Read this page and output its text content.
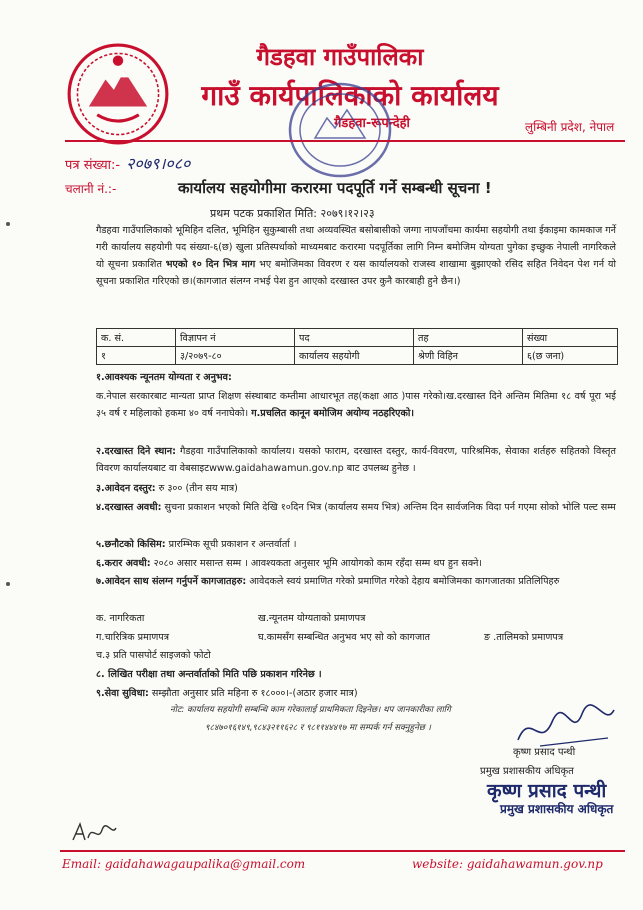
गैडहवा गाउँपालिका
गाउँ कार्यपालिकाको कार्यालय
गैडहवा-रूपन्देही	लुम्बिनी प्रदेश, नेपाल
पत्र संख्या:- २०७९।०८०
चलानी नं.:-	कार्यालय सहयोगीमा करारमा पदपूर्ति गर्ने सम्बन्धी सूचना !
प्रथम पटक प्रकाशित मिति: २०७९।१२।२३
गैडहवा गाउँपालिकाको भूमिहिन दलित, भूमिहिन सुकुम्बासी तथा अव्यवस्थित बसोबासीको जग्गा नापजाँचमा कार्यमा सहयोगी तथा ईकाइमा कामकाज गर्ने गरी कार्यालय सहयोगी पद संख्या-६(छ) खुला प्रतिस्पर्धाको माध्यमबाट करारमा पदपूर्तिका लागि निम्न बमोजिम योग्यता पुगेका इच्छुक नेपाली नागरिकले यो सूचना प्रकाशित भएको १० दिन भित्र माग भए बमोजिमका विवरण र यस कार्यालयको राजस्व शाखामा बुझाएको रसिद सहित निवेदन पेश गर्न यो सूचना प्रकाशित गरिएको छ।(कागजात संलग्न नभई पेश हुन आएको दरखास्त उपर कुनै कारबाही हुने छैन।)
क. सं.	विज्ञापन नं	पद	तह	संख्या
१	३/२०७९-८०	कार्यालय सहयोगी	श्रेणी विहिन	६(छ जना)
१.आवश्यक न्यूनतम योग्यता र अनुभव:
क.नेपाल सरकारबाट मान्यता प्राप्त शिक्षण संस्थाबाट कम्तीमा आधारभूत तह(कक्षा आठ )पास गरेको।ख.दरखास्त दिने अन्तिम मितिमा १८ वर्ष पूरा भई ३५ वर्ष र महिलाको हकमा ४० वर्ष ननाघेको। ग.प्रचलित कानून बमोजिम अयोग्य नठहरिएको।
२.दरखास्त दिने स्थान: गैडहवा गाउँपालिकाको कार्यालय। यसको फाराम, दरखास्त दस्तुर, कार्य-विवरण, पारिश्रमिक, सेवाका शर्तहरु सहितको विस्तृत विवरण कार्यालयबाट वा वेबसाइटwww.gaidahawamun.gov.np बाट उपलब्ध हुनेछ ।
३.आवेदन दस्तुर: रु ३०० (तीन सय मात्र)
४.दरखास्त अवधी: सुचना प्रकाशन भएको मिति देखि १०दिन भित्र (कार्यालय समय भित्र) अन्तिम दिन सार्वजनिक विदा पर्न गएमा सोको भोलि पल्ट सम्म
५.छनौटको किसिम: प्रारम्भिक सूची प्रकाशन र अन्तर्वार्ता ।
६.करार अवधी: २०८० असार मसान्त सम्म । आवश्यकता अनुसार भूमि आयोगको काम रहँदा सम्म थप हुन सक्ने।
७.आवेदन साथ संलग्न गर्नुपर्ने कागजातहरु: आवेदकले स्वयं प्रमाणित गरेको प्रमाणित गरेको देहाय बमोजिमका कागजातका प्रतिलिपिहरु
क. नागरिकता	ख.न्यूनतम योग्यताको प्रमाणपत्र
ग.चारित्रिक प्रमाणपत्र	घ.कामसँग सम्बन्धित अनुभव भए सो को कागजात	ङ .तालिमको प्रमाणपत्र
च.३ प्रति पासपोर्ट साइजको फोटो
८. लिखित परीक्षा तथा अन्तर्वार्ताको मिति पछि प्रकाशन गरिनेछ ।
९.सेवा सुविधा: सम्झौता अनुसार प्रति महिना रु १८०००।-(अठार हजार मात्र)
नोट: कार्यालय सहयोगी सम्बन्धि काम गरेकालाई प्राथमिकता दिइनेछ। थप जानकारीका लागि
९८४७०१६१४९,९८४३२११६२८ र ९८११४४४१७ मा सम्पर्क गर्न सक्नुहुनेछ ।
कृष्ण प्रसाद पन्थी
प्रमुख प्रशासकीय अधिकृत
कृष्ण प्रसाद पन्थी
प्रमुख प्रशासकीय अधिकृत
Email: gaidahawagaupalika@gmail.com	website: gaidahawamun.gov.np
